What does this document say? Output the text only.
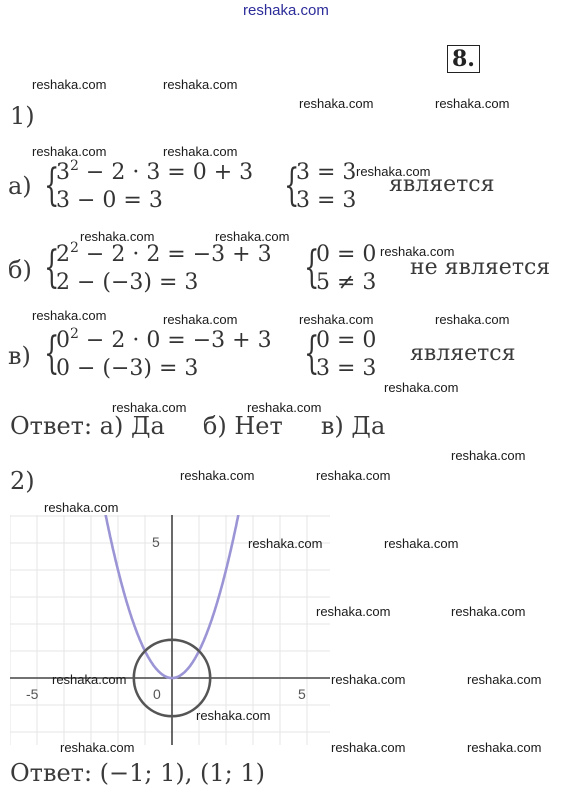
reshaka.com
8.
1)
а) {
$3^2 - 2 \cdot 3 = 0 + 3$
3 − 0 = 3	{
3 = 3
3 = 3
является
б) {
$2^2 - 2 \cdot 2 = -3 + 3$
2 − (−3) = 3 {
0 = 0
5 ≠ 3
не является
в) {
$0^2 - 2 \cdot 0 = -3 + 3$
0 − (−3) = 3 {
0 = 0
3 = 3
является
Ответ: а) Да     б) Нет     в) Да
2)
5
-5	0	5
Ответ: (−1; 1), (1; 1)
reshaka.com	reshaka.com
reshaka.com	reshaka.com
reshaka.com	reshaka.com
reshaka.com
reshaka.com	reshaka.com
reshaka.com
reshaka.com	reshaka.com	reshaka.com	reshaka.com
reshaka.com
reshaka.com	reshaka.com
reshaka.com
reshaka.com	reshaka.com
reshaka.com
reshaka.com	reshaka.com
reshaka.com	reshaka.com
reshaka.com	reshaka.com	reshaka.com
reshaka.com
reshaka.com	reshaka.com	reshaka.com
